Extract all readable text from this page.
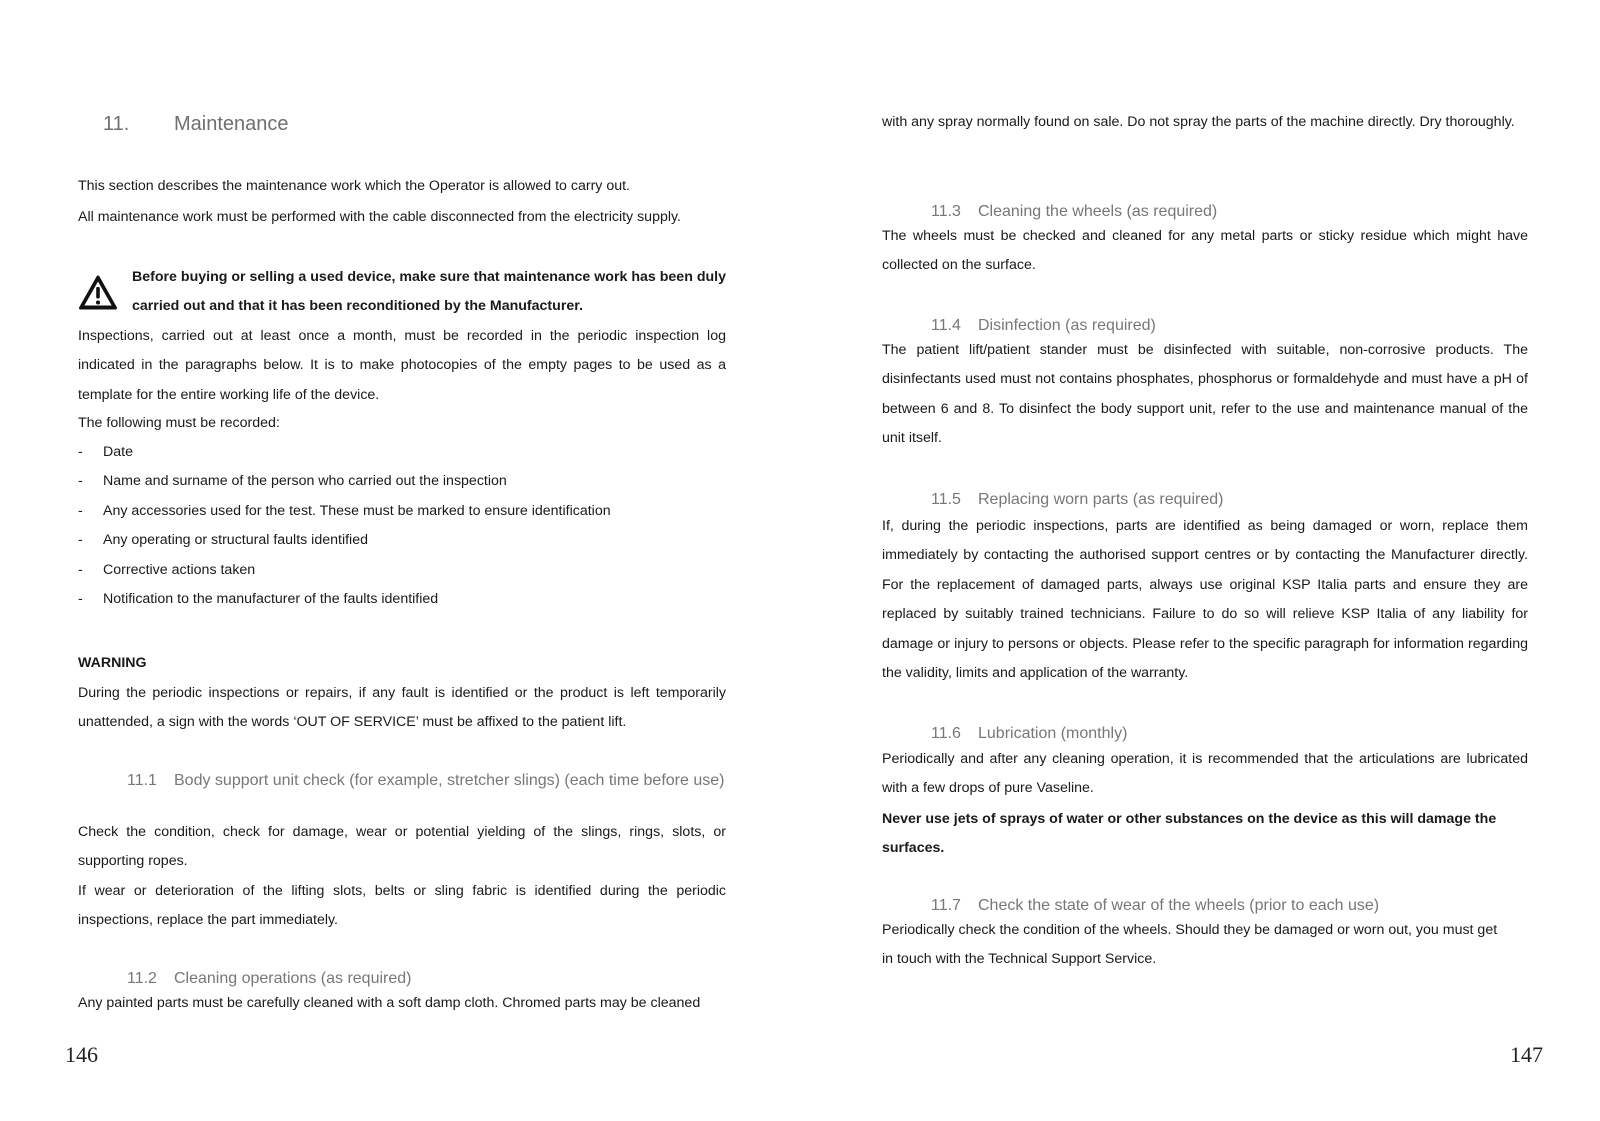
11. Maintenance

This section describes the maintenance work which the Operator is allowed to carry out.

All maintenance work must be performed with the cable disconnected from the electricity supply.

Before buying or selling a used device, make sure that maintenance work has been duly carried out and that it has been reconditioned by the Manufacturer.

Inspections, carried out at least once a month, must be recorded in the periodic inspection log indicated in the paragraphs below. It is to make photocopies of the empty pages to be used as a template for the entire working life of the device.

The following must be recorded:

- Date
- Name and surname of the person who carried out the inspection
- Any accessories used for the test. These must be marked to ensure identification
- Any operating or structural faults identified
- Corrective actions taken
- Notification to the manufacturer of the faults identified

WARNING

During the periodic inspections or repairs, if any fault is identified or the product is left temporarily unattended, a sign with the words ‘OUT OF SERVICE’ must be affixed to the patient lift.

11.1 Body support unit check (for example, stretcher slings) (each time before use)

Check the condition, check for damage, wear or potential yielding of the slings, rings, slots, or supporting ropes.

If wear or deterioration of the lifting slots, belts or sling fabric is identified during the periodic inspections, replace the part immediately.

11.2 Cleaning operations (as required)

Any painted parts must be carefully cleaned with a soft damp cloth. Chromed parts may be cleaned

146

with any spray normally found on sale. Do not spray the parts of the machine directly. Dry thoroughly.

11.3 Cleaning the wheels (as required)

The wheels must be checked and cleaned for any metal parts or sticky residue which might have collected on the surface.

11.4 Disinfection (as required)

The patient lift/patient stander must be disinfected with suitable, non-corrosive products. The disinfectants used must not contains phosphates, phosphorus or formaldehyde and must have a pH of between 6 and 8. To disinfect the body support unit, refer to the use and maintenance manual of the unit itself.

11.5 Replacing worn parts (as required)

If, during the periodic inspections, parts are identified as being damaged or worn, replace them immediately by contacting the authorised support centres or by contacting the Manufacturer directly. For the replacement of damaged parts, always use original KSP Italia parts and ensure they are replaced by suitably trained technicians. Failure to do so will relieve KSP Italia of any liability for damage or injury to persons or objects. Please refer to the specific paragraph for information regarding the validity, limits and application of the warranty.

11.6 Lubrication (monthly)

Periodically and after any cleaning operation, it is recommended that the articulations are lubricated with a few drops of pure Vaseline.

Never use jets of sprays of water or other substances on the device as this will damage the surfaces.

11.7 Check the state of wear of the wheels (prior to each use)

Periodically check the condition of the wheels. Should they be damaged or worn out, you must get in touch with the Technical Support Service.

147
